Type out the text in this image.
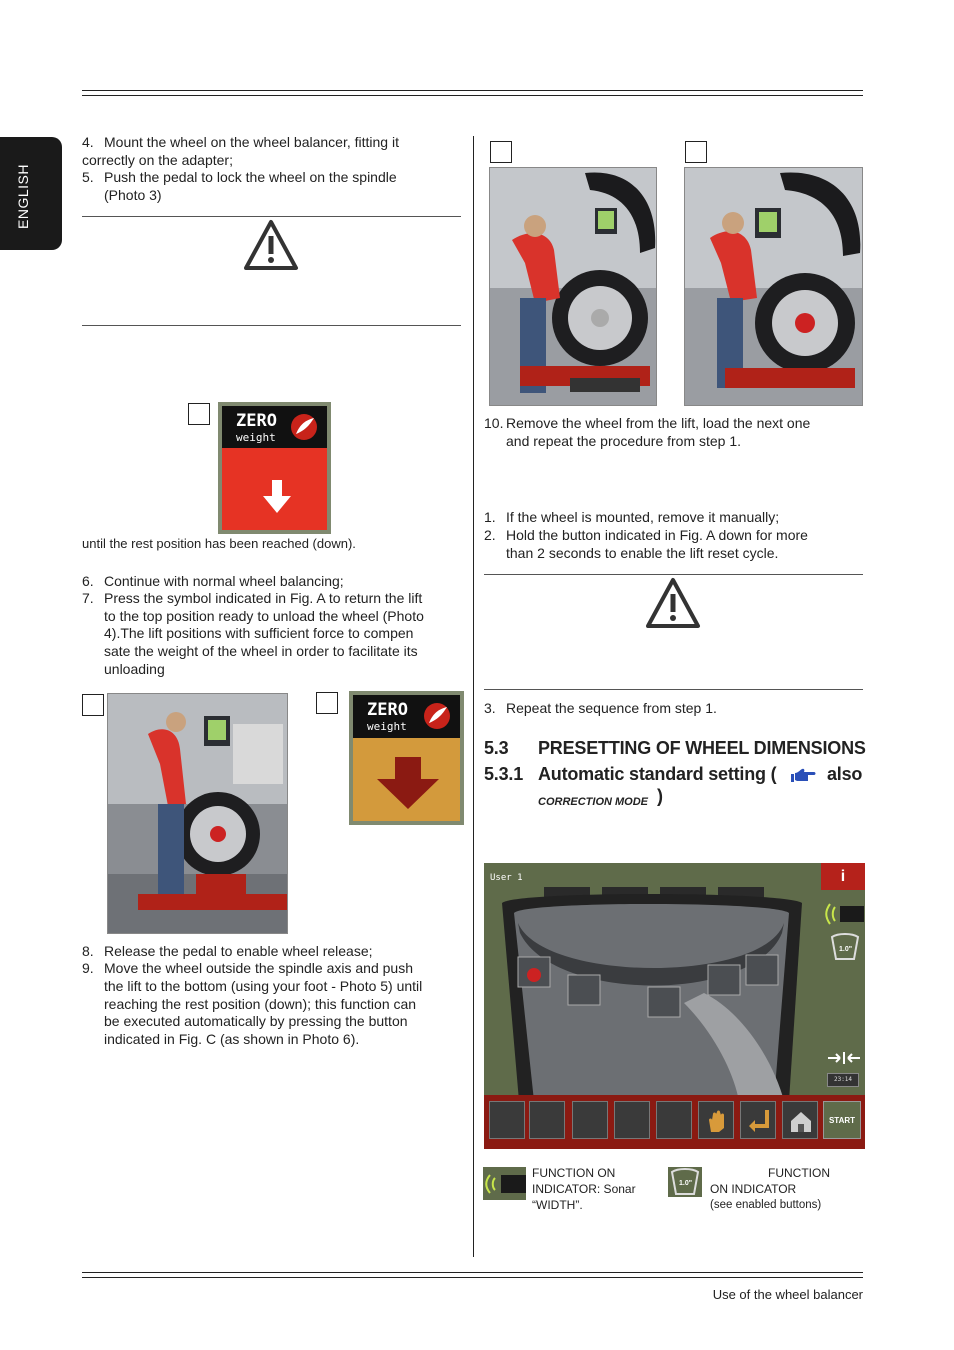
ENGLISH
4. Mount the wheel on the wheel balancer, fitting it
correctly on the adapter;
5. Push the pedal to lock the wheel on the spindle
(Photo 3)
ZERO
weight
until the rest position has been reached (down).
6. Continue with normal wheel balancing;
7. Press the symbol indicated in Fig. A to return the lift
to the top position ready to unload the wheel (Photo
4).The lift positions with sufficient force to compen
sate the weight of the wheel in order to facilitate its
unloading
ZERO
weight
8. Release the pedal to enable wheel release;
9. Move the wheel outside the spindle axis and push
the lift to the bottom (using your foot - Photo 5) until
reaching the rest position (down); this function can
be executed automatically by pressing the button
indicated in Fig. C (as shown in Photo 6).
10. Remove the wheel from the lift, load the next one
and repeat the procedure from step 1.
1. If the wheel is mounted, remove it manually;
2. Hold the button indicated in Fig. A down for more
than 2 seconds to enable the lift reset cycle.
3. Repeat the sequence from step 1.
5.3 PRESETTING OF WHEEL DIMENSIONS
5.3.1 Automatic standard setting (	also
CORRECTION MODE )
User 1	i
1.0"
23:14
START
FUNCTION ON
INDICATOR: Sonar
“WIDTH”.
1.0"
FUNCTION
ON INDICATOR
(see enabled buttons)
Use of the wheel balancer
